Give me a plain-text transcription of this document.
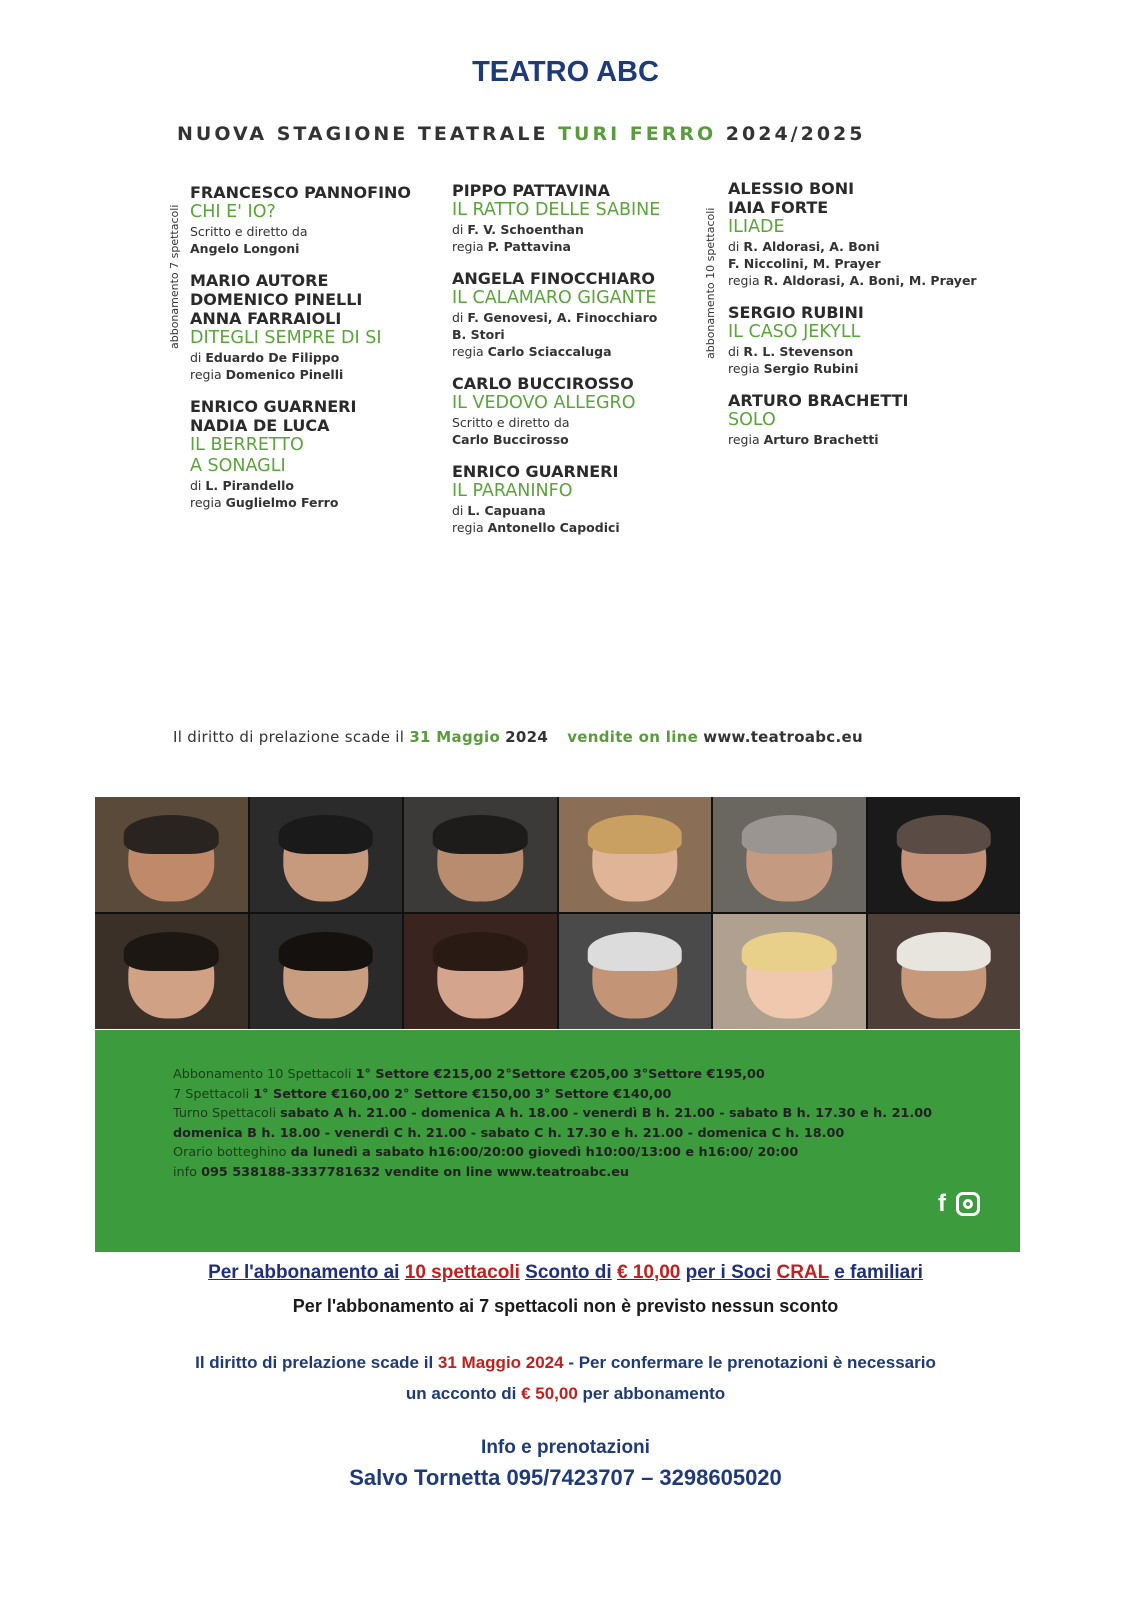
TEATRO ABC
NUOVA STAGIONE TEATRALE TURI FERRO 2024/2025
abbonamento 7 spettacoli	abbonamento 10 spettacoli
FRANCESCO PANNOFINO
CHI E' IO?
Scritto e diretto da
Angelo Longoni
MARIO AUTORE
DOMENICO PINELLI
ANNA FARRAIOLI
DITEGLI SEMPRE DI SI
di Eduardo De Filippo
regia Domenico Pinelli
ENRICO GUARNERI
NADIA DE LUCA
IL BERRETTO
A SONAGLI
di L. Pirandello
regia Guglielmo Ferro
PIPPO PATTAVINA
IL RATTO DELLE SABINE
di F. V. Schoenthan
regia P. Pattavina
ANGELA FINOCCHIARO
IL CALAMARO GIGANTE
di F. Genovesi, A. Finocchiaro
B. Stori
regia Carlo Sciaccaluga
CARLO BUCCIROSSO
IL VEDOVO ALLEGRO
Scritto e diretto da
Carlo Buccirosso
ENRICO GUARNERI
IL PARANINFO
di L. Capuana
regia Antonello Capodici
ALESSIO BONI
IAIA FORTE
ILIADE
di R. Aldorasi, A. Boni
F. Niccolini, M. Prayer
regia R. Aldorasi, A. Boni, M. Prayer
SERGIO RUBINI
IL CASO JEKYLL
di R. L. Stevenson
regia Sergio Rubini
ARTURO BRACHETTI
SOLO
regia Arturo Brachetti
Il diritto di prelazione scade il 31 Maggio 2024 vendite on line www.teatroabc.eu
Abbonamento 10 Spettacoli 1° Settore €215,00 2°Settore €205,00 3°Settore €195,00
7 Spettacoli 1° Settore €160,00 2° Settore €150,00 3° Settore €140,00
Turno Spettacoli sabato A h. 21.00 - domenica A h. 18.00 - venerdì B h. 21.00 - sabato B h. 17.30 e h. 21.00
domenica B h. 18.00 - venerdì C h. 21.00 - sabato C h. 17.30 e h. 21.00 - domenica C h. 18.00
Orario botteghino da lunedì a sabato h16:00/20:00 giovedì h10:00/13:00 e h16:00/ 20:00
info 095 538188-3337781632 vendite on line www.teatroabc.eu
f
Per l'abbonamento ai 10 spettacoli Sconto di € 10,00 per i Soci CRAL e familiari
Per l'abbonamento ai 7 spettacoli non è previsto nessun sconto
Il diritto di prelazione scade il 31 Maggio 2024 - Per confermare le prenotazioni è necessario
un acconto di € 50,00 per abbonamento
Info e prenotazioni
Salvo Tornetta 095/7423707 – 3298605020
